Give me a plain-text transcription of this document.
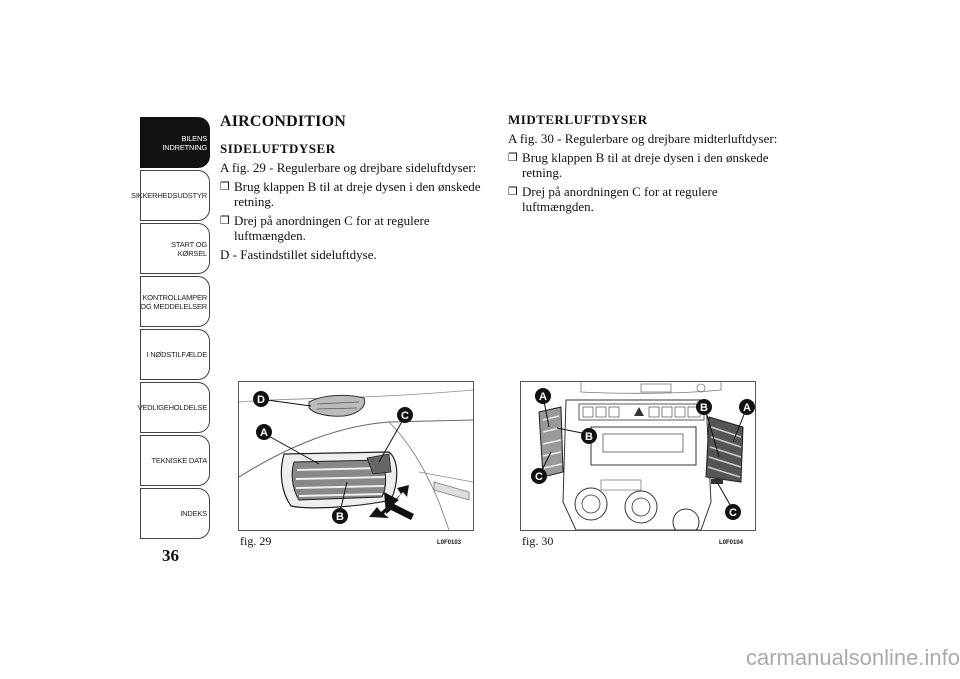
BILENS
INDRETNING
SIKKERHEDSUDSTYR
START OG KØRSEL
KONTROLLAMPER
OG MEDDELELSER
I NØDSTILFÆLDE
VEDLIGEHOLDELSE
TEKNISKE DATA
INDEKS
36
AIRCONDITION
SIDELUFTDYSER
A fig. 29 - Regulerbare og drejbare sideluftdyser:
❒ Brug klappen B til at dreje dysen i den ønskede retning.
❒ Drej på anordningen C for at regulere luftmængden.
D - Fastindstillet sideluftdyse.
MIDTERLUFTDYSER
A fig. 30 - Regulerbare og drejbare midterluftdyser:
❒ Brug klappen B til at dreje dysen i den ønskede retning.
❒ Drej på anordningen C for at regulere luftmængden.
D
A
C
B
fig. 29	L0F0103
A
B
C
B	A
C
fig. 30	L0F0104
carmanualsonline.info
